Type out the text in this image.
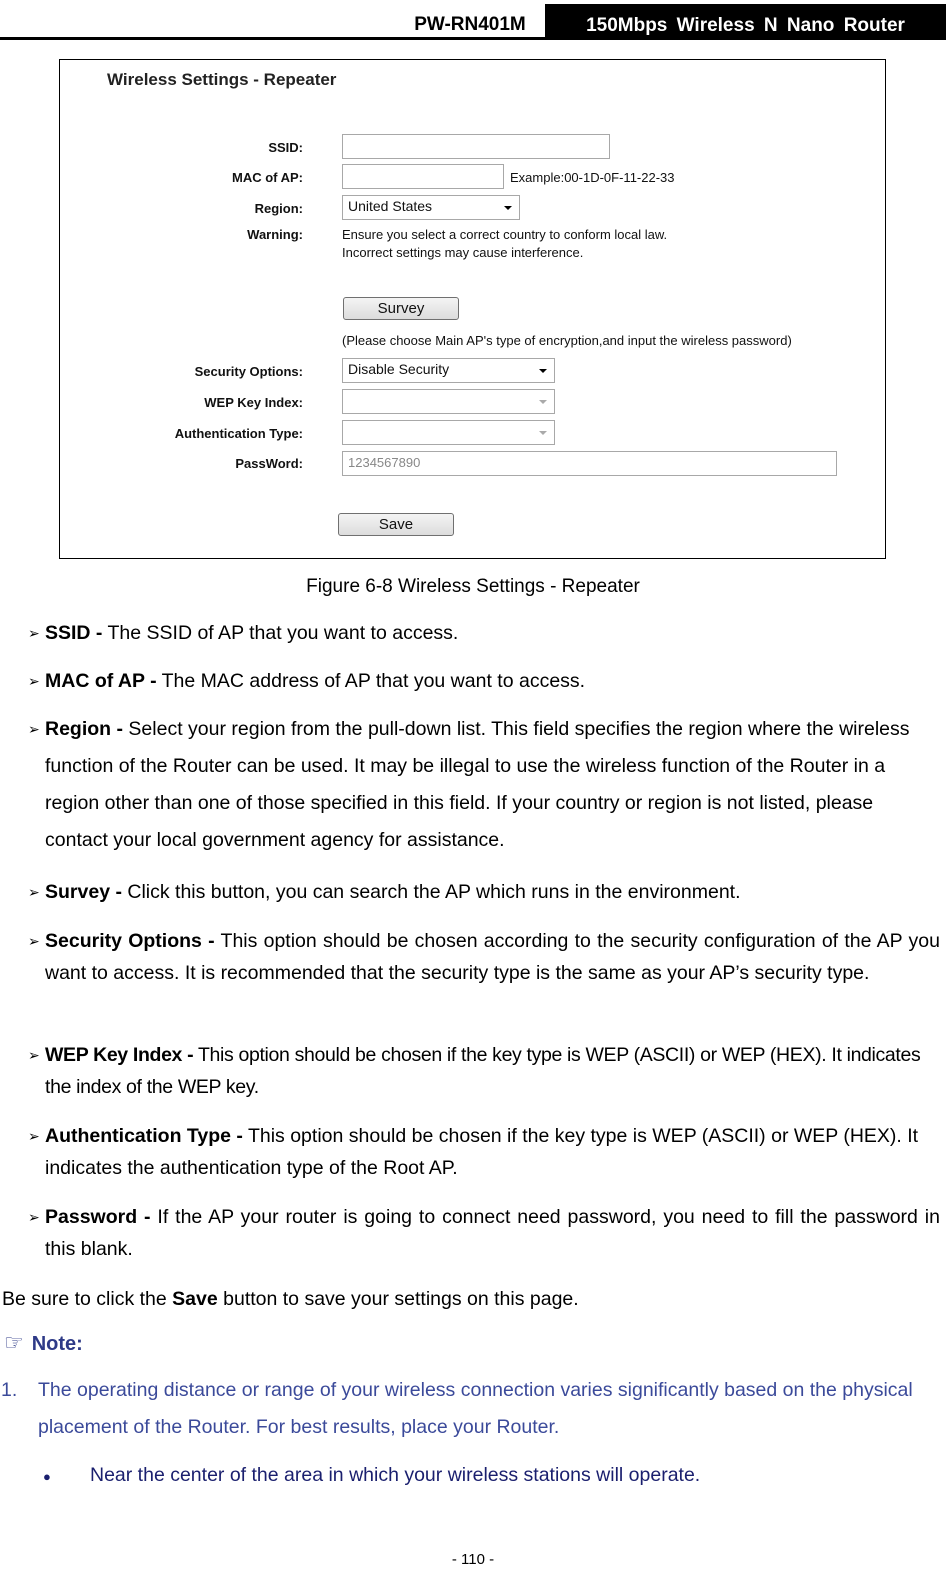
PW-RN401M	150Mbps Wireless N Nano Router
Wireless Settings - Repeater
SSID:
MAC of AP:	Example:00-1D-0F-11-22-33
Region:	United States
Warning:	Ensure you select a correct country to conform local law.
Incorrect settings may cause interference.
Survey
(Please choose Main AP's type of encryption,and input the wireless password)
Security Options:	Disable Security
WEP Key Index:
Authentication Type:
PassWord:	1234567890
Save
Figure 6-8 Wireless Settings - Repeater
➢ SSID - The SSID of AP that you want to access.
➢ MAC of AP - The MAC address of AP that you want to access.
➢ Region - Select your region from the pull-down list. This field specifies the region where the wireless function of the Router can be used. It may be illegal to use the wireless function of the Router in a region other than one of those specified in this field. If your country or region is not listed, please contact your local government agency for assistance.
➢ Survey - Click this button, you can search the AP which runs in the environment.
➢ Security Options - This option should be chosen according to the security configuration of the AP you want to access. It is recommended that the security type is the same as your AP’s security type.
➢ WEP Key Index - This option should be chosen if the key type is WEP (ASCII) or WEP (HEX). It indicates the index of the WEP key.
➢ Authentication Type - This option should be chosen if the key type is WEP (ASCII) or WEP (HEX). It indicates the authentication type of the Root AP.
➢ Password - If the AP your router is going to connect need password, you need to fill the password in this blank.
Be sure to click the Save button to save your settings on this page.
☞ Note:
1. The operating distance or range of your wireless connection varies significantly based on the physical placement of the Router. For best results, place your Router.
● Near the center of the area in which your wireless stations will operate.
- 110 -
